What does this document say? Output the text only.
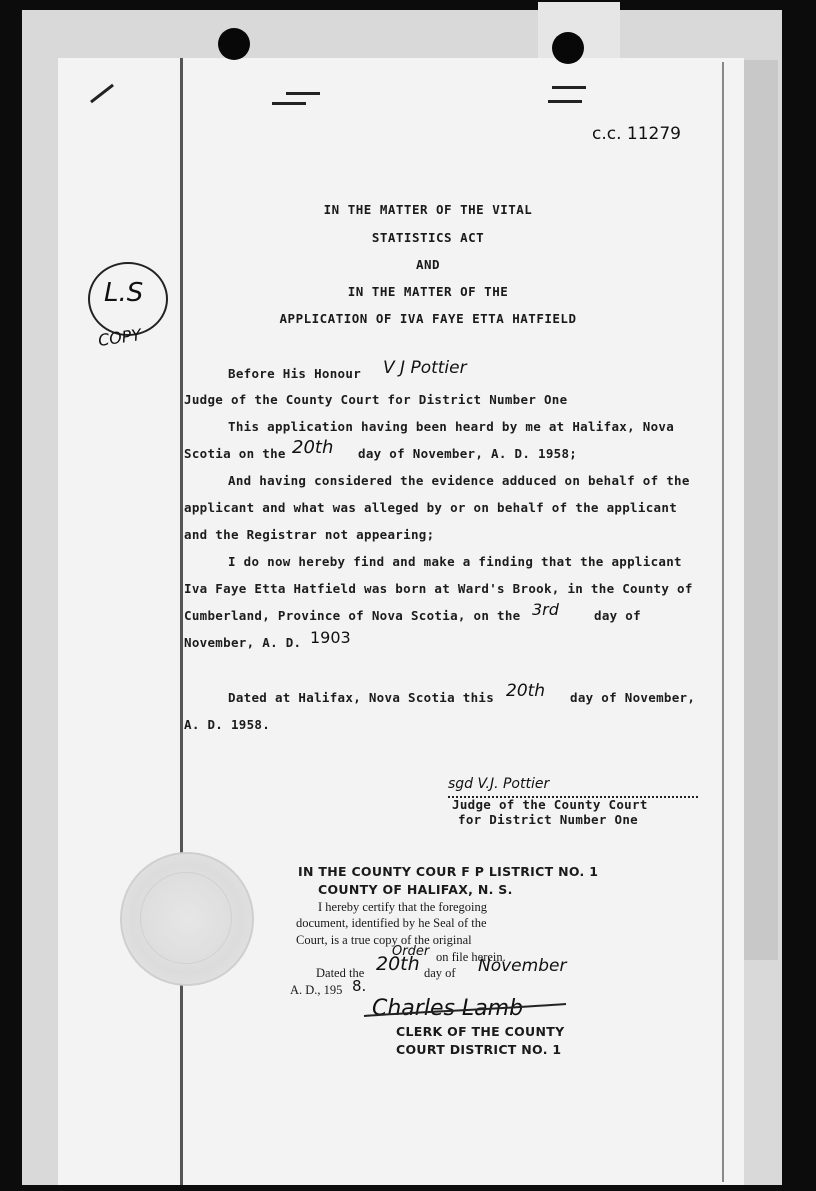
c.c. 11279
L.S
COPY
IN THE MATTER OF THE VITAL
STATISTICS ACT
AND
IN THE MATTER OF THE
APPLICATION OF IVA FAYE ETTA HATFIELD
Before His Honour V J Pottier
Judge of the County Court for District Number One
This application having been heard by me at Halifax, Nova
Scotia on the 20th day of November, A. D. 1958;
And having considered the evidence adduced on behalf of the
applicant and what was alleged by or on behalf of the applicant
and the Registrar not appearing;
I do now hereby find and make a finding that the applicant
Iva Faye Etta Hatfield was born at Ward's Brook, in the County of
Cumberland, Province of Nova Scotia, on the 3rd	day of
November, A. D. 1903
Dated at Halifax, Nova Scotia this 20th day of November,
A. D. 1958.
sgd V.J. Pottier
Judge of the County Court
for District Number One
IN THE COUNTY COUR F P LISTRICT NO. 1
COUNTY OF HALIFAX, N. S.
I hereby certify that the foregoing
document, identified by he Seal of the
Court, is a true copy of the original
Order on file herein.
Dated the 20th day of November
A. D., 195 8.
Charles Lamb
CLERK OF THE COUNTY
COURT DISTRICT NO. 1
